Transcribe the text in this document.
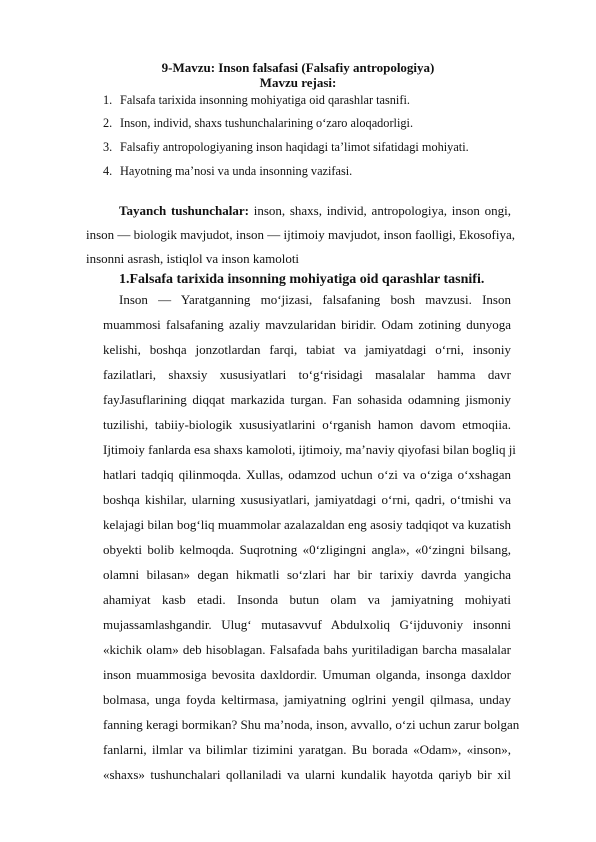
9-Mavzu: Inson falsafasi (Falsafiy antropologiya)
Mavzu rejasi:
1. Falsafa tarixida insonning mohiyatiga oid qarashlar tasnifi.
2. Inson, individ, shaxs tushunchalarining o‘zaro aloqadorligi.
3. Falsafiy antropologiyaning inson haqidagi ta’limot sifatidagi mohiyati.
4. Hayotning ma’nosi va unda insonning vazifasi.
Tayanch tushunchalar: inson, shaxs, individ, antropologiya, inson ongi,
inson — biologik mavjudot, inson — ijtimoiy mavjudot, inson faolligi, Ekosofiya,
insonni asrash, istiqlol va inson kamoloti
1.Falsafa tarixida insonning mohiyatiga oid qarashlar tasnifi.
Inson — Yaratganning mo‘jizasi, falsafaning bosh mavzusi. Inson
muammosi falsafaning azaliy mavzularidan biridir. Odam zotining dunyoga
kelishi, boshqa jonzotlardan farqi, tabiat va jamiyatdagi o‘rni, insoniy
fazilatlari, shaxsiy xususiyatlari to‘g‘risidagi masalalar hamma davr
fayJasuflarining diqqat markazida turgan. Fan sohasida odamning jismoniy
tuzilishi, tabiiy-biologik xususiyatlarini o‘rganish hamon davom etmoqiia.
Ijtimoiy fanlarda esa shaxs kamoloti, ijtimoiy, ma’naviy qiyofasi bilan bogliq ji
hatlari tadqiq qilinmoqda. Xullas, odamzod uchun o‘zi va o‘ziga o‘xshagan
boshqa kishilar, ularning xususiyatlari, jamiyatdagi o‘rni, qadri, o‘tmishi va
kelajagi bilan bog‘liq muammolar azalazaldan eng asosiy tadqiqot va kuzatish
obyekti bolib kelmoqda. Suqrotning «0‘zligingni angla», «0‘zingni bilsang,
olamni bilasan» degan hikmatli so‘zlari har bir tarixiy davrda yangicha
ahamiyat kasb etadi. Insonda butun olam va jamiyatning mohiyati
mujassamlashgandir. Ulug‘ mutasavvuf Abdulxoliq G‘ijduvoniy insonni
«kichik olam» deb hisoblagan. Falsafada bahs yuritiladigan barcha masalalar
inson muammosiga bevosita daxldordir. Umuman olganda, insonga daxldor
bolmasa, unga foyda keltirmasa, jamiyatning oglrini yengil qilmasa, unday
fanning keragi bormikan? Shu ma’noda, inson, avvallo, o‘zi uchun zarur bolgan
fanlarni, ilmlar va bilimlar tizimini yaratgan. Bu borada «Odam», «inson»,
«shaxs» tushunchalari qollaniladi va ularni kundalik hayotda qariyb bir xil
